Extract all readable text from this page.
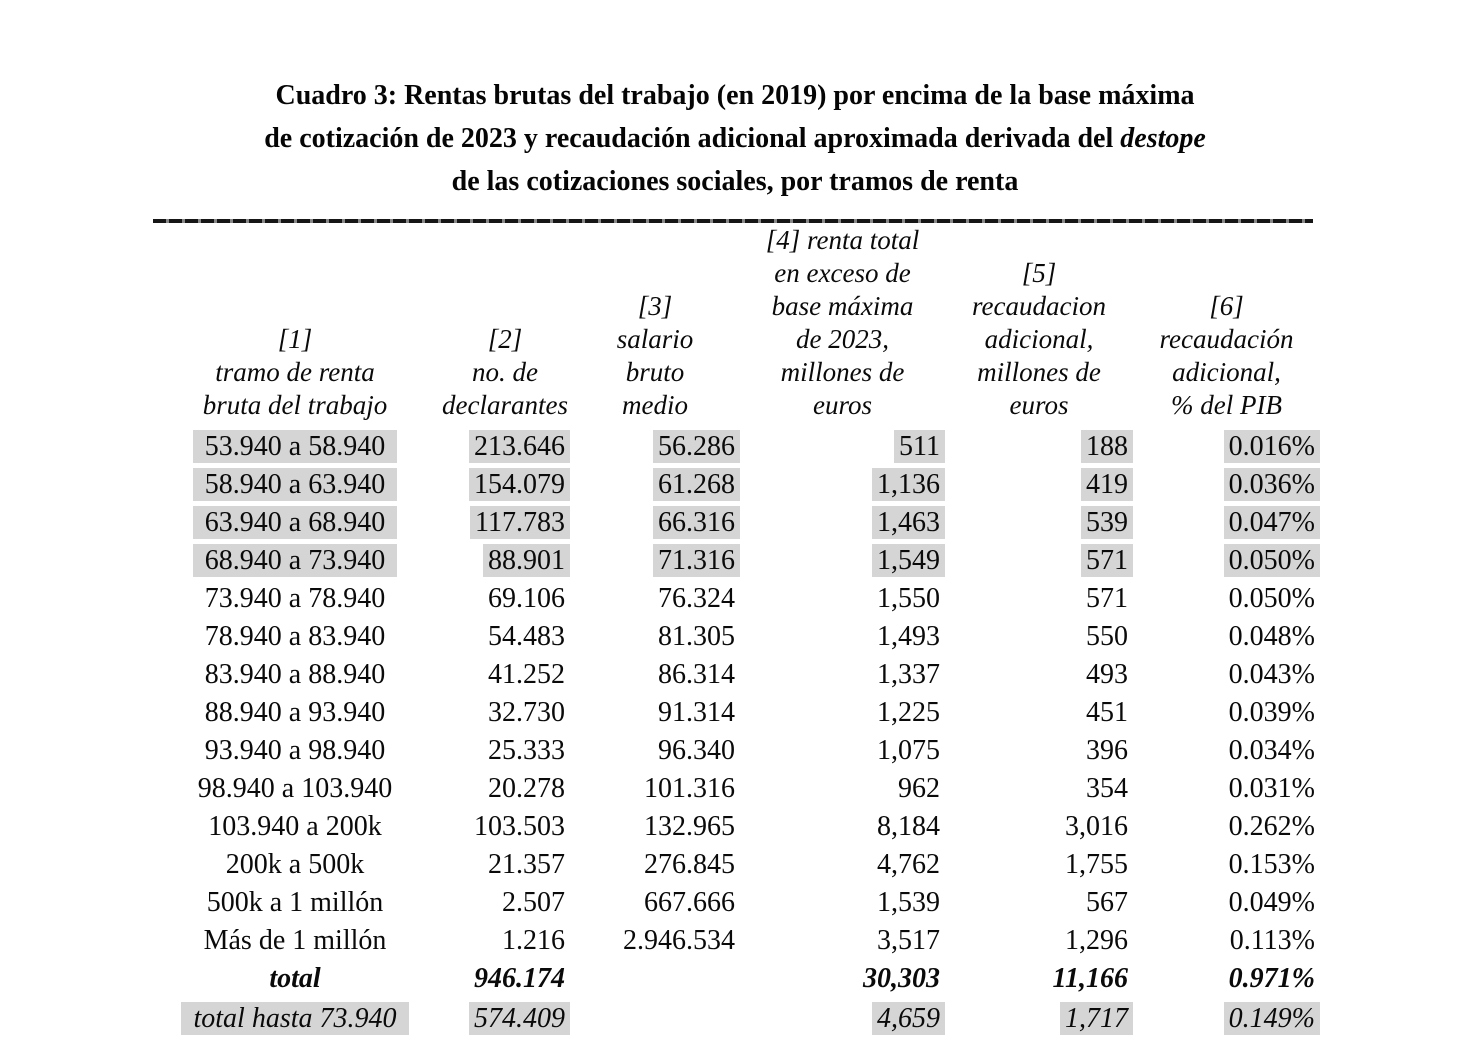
Cuadro 3: Rentas brutas del trabajo (en 2019) por encima de la base máxima
de cotización de 2023 y recaudación adicional aproximada derivada del destope
de las cotizaciones sociales, por tramos de renta
[1]
tramo de renta
bruta del trabajo

[2]
no. de
declarantes

[3]
salario
bruto
medio

[4] renta total
en exceso de
base máxima
de 2023,
millones de
euros

[5]
recaudacion
adicional,
millones de
euros

[6]
recaudación
adicional,
% del PIB

53.940 a 58.940	213.646	56.286	511	188	0.016%
58.940 a 63.940	154.079	61.268	1,136	419	0.036%
63.940 a 68.940	117.783	66.316	1,463	539	0.047%
68.940 a 73.940	88.901	71.316	1,549	571	0.050%
73.940 a 78.940	69.106	76.324	1,550	571	0.050%
78.940 a 83.940	54.483	81.305	1,493	550	0.048%
83.940 a 88.940	41.252	86.314	1,337	493	0.043%
88.940 a 93.940	32.730	91.314	1,225	451	0.039%
93.940 a 98.940	25.333	96.340	1,075	396	0.034%
98.940 a 103.940	20.278	101.316	962	354	0.031%
103.940 a 200k	103.503	132.965	8,184	3,016	0.262%
200k a 500k	21.357	276.845	4,762	1,755	0.153%
500k a 1 millón	2.507	667.666	1,539	567	0.049%
Más de 1 millón	1.216	2.946.534	3,517	1,296	0.113%
total	946.174		30,303	11,166	0.971%
total hasta 73.940	574.409		4,659	1,717	0.149%
